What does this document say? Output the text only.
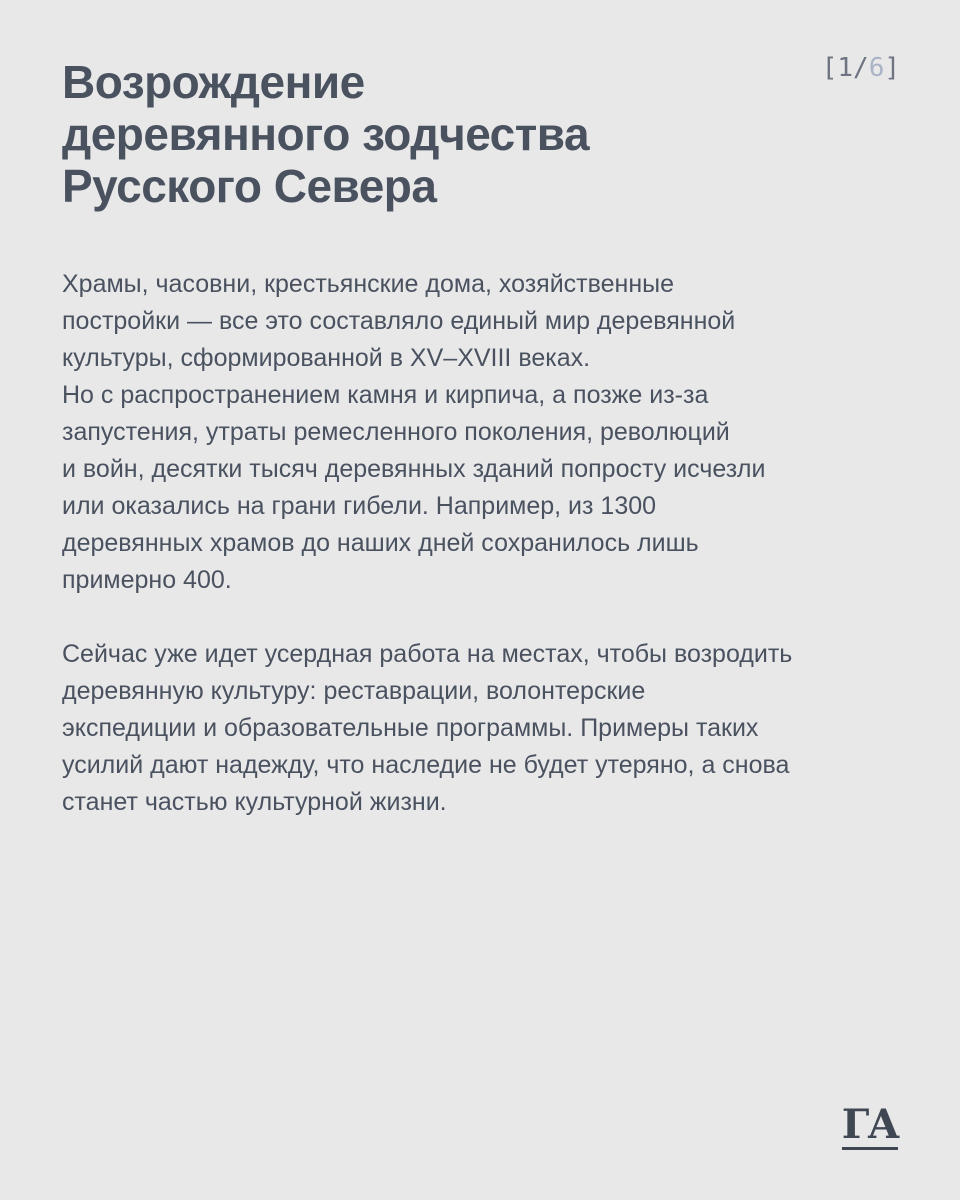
Возрождение
деревянного зодчества
Русского Севера
[1/6]

Храмы, часовни, крестьянские дома, хозяйственные
постройки — все это составляло единый мир деревянной
культуры, сформированной в XV–XVIII веках.
Но с распространением камня и кирпича, а позже из-за
запустения, утраты ремесленного поколения, революций
и войн, десятки тысяч деревянных зданий попросту исчезли
или оказались на грани гибели. Например, из 1300
деревянных храмов до наших дней сохранилось лишь
примерно 400.

Сейчас уже идет усердная работа на местах, чтобы возродить
деревянную культуру: реставрации, волонтерские
экспедиции и образовательные программы. Примеры таких
усилий дают надежду, что наследие не будет утеряно, а снова
станет частью культурной жизни.

ГА
